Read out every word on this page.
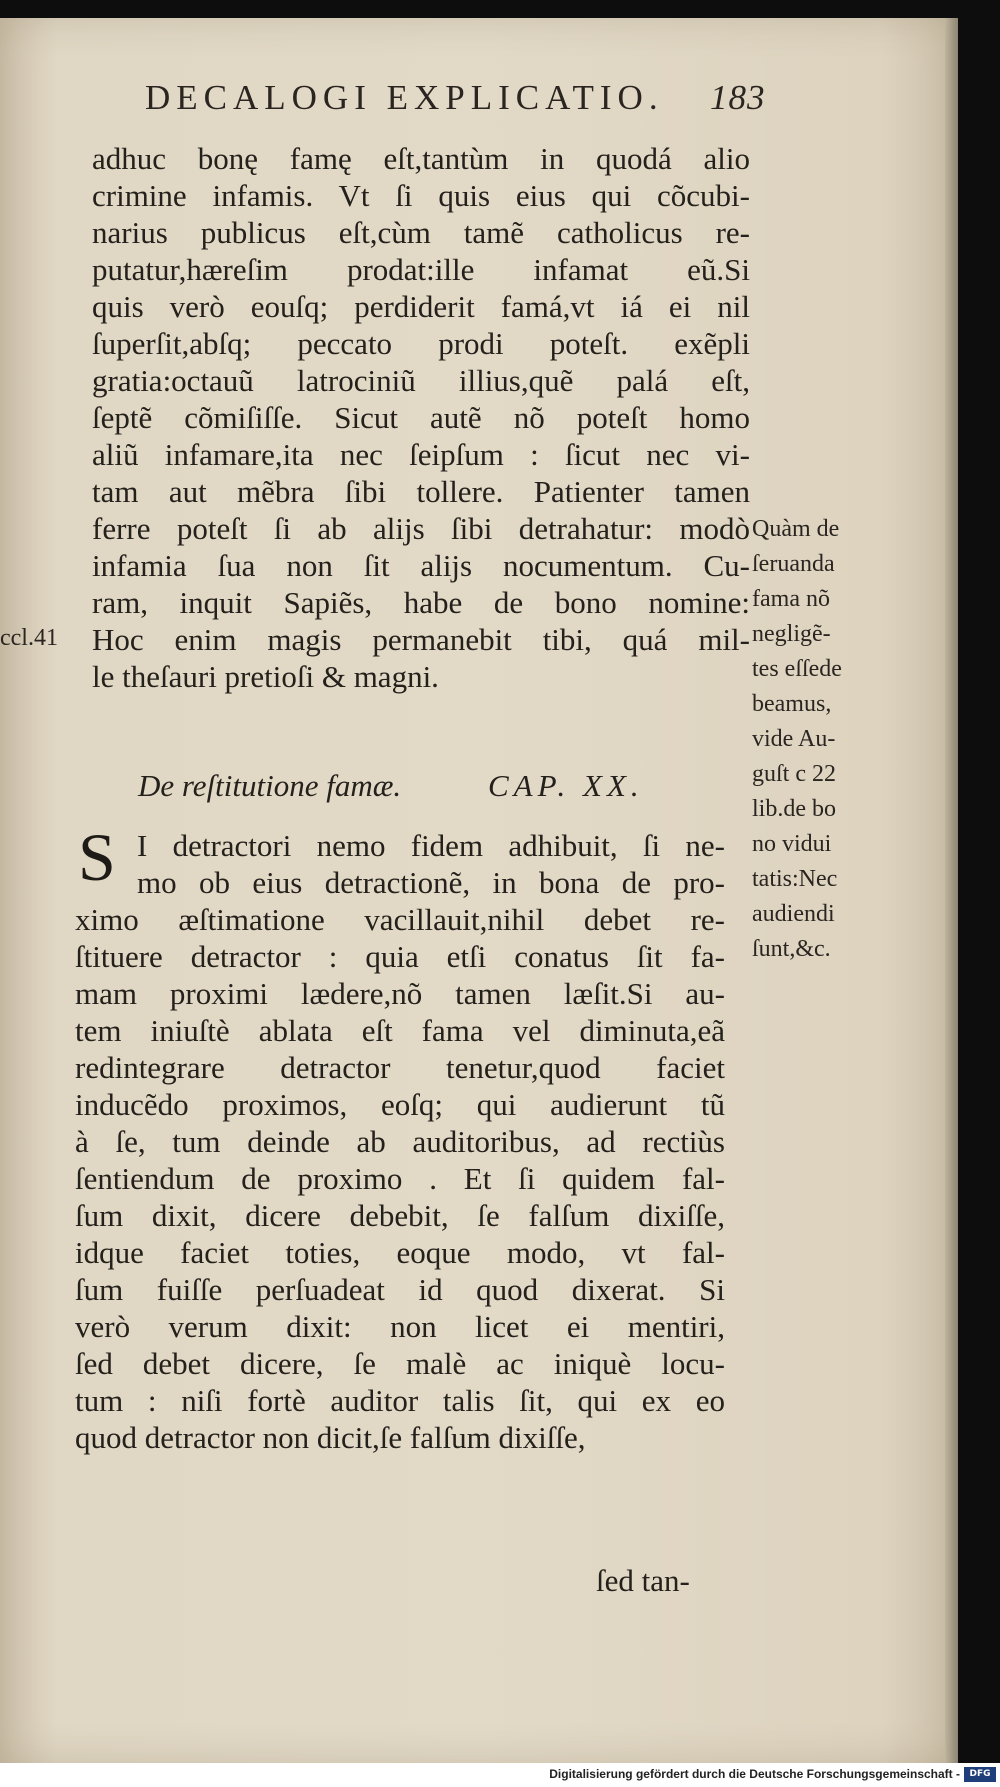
DECALOGI EXPLICATIO. 183
ccl.41
adhuc bonę famę eſt,tantùm in quodá alio
crimine infamis. Vt ſi quis eius qui cõcubi-
narius publicus eſt,cùm tamẽ catholicus re-
putatur,hæreſim prodat:ille infamat eũ.Si
quis verò eouſq; perdiderit famá,vt iá ei nil
ſuperſit,abſq; peccato prodi poteſt. exẽpli
gratia:octauũ latrociniũ illius,quẽ palá eſt,
ſeptẽ cõmiſiſſe. Sicut autẽ nõ poteſt homo
aliũ infamare,ita nec ſeipſum : ſicut nec vi-
tam aut mẽbra ſibi tollere. Patienter tamen
ferre poteſt ſi ab alijs ſibi detrahatur: modò
infamia ſua non ſit alijs nocumentum. Cu-
ram, inquit Sapiẽs, habe de bono nomine:
Hoc enim magis permanebit tibi, quá mil-
le theſauri pretioſi & magni.
De reſtitutione famæ.	CAP. XX.
S I detractori nemo fidem adhibuit, ſi ne-
mo ob eius detractionẽ, in bona de pro-
ximo æſtimatione vacillauit,nihil debet re-
ſtituere detractor : quia etſi conatus ſit fa-
mam proximi lædere,nõ tamen læſit.Si au-
tem iniuſtè ablata eſt fama vel diminuta,eã
redintegrare detractor tenetur,quod faciet
inducẽdo proximos, eoſq; qui audierunt tũ
à ſe, tum deinde ab auditoribus, ad rectiùs
ſentiendum de proximo . Et ſi quidem fal-
ſum dixit, dicere debebit, ſe falſum dixiſſe,
idque faciet toties, eoque modo, vt fal-
ſum fuiſſe perſuadeat id quod dixerat. Si
verò verum dixit: non licet ei mentiri,
ſed debet dicere, ſe malè ac iniquè locu-
tum : niſi fortè auditor talis ſit, qui ex eo
quod detractor non dicit,ſe falſum dixiſſe,
ſed tan-
Quàm de
ſeruanda
fama nõ
negligẽ-
tes eſſede
beamus,
vide Au-
guſt c 22
lib.de bo
no vidui
tatis:Nec
audiendi
ſunt,&c.
Digitalisierung gefördert durch die Deutsche Forschungsgemeinschaft -	DFG
